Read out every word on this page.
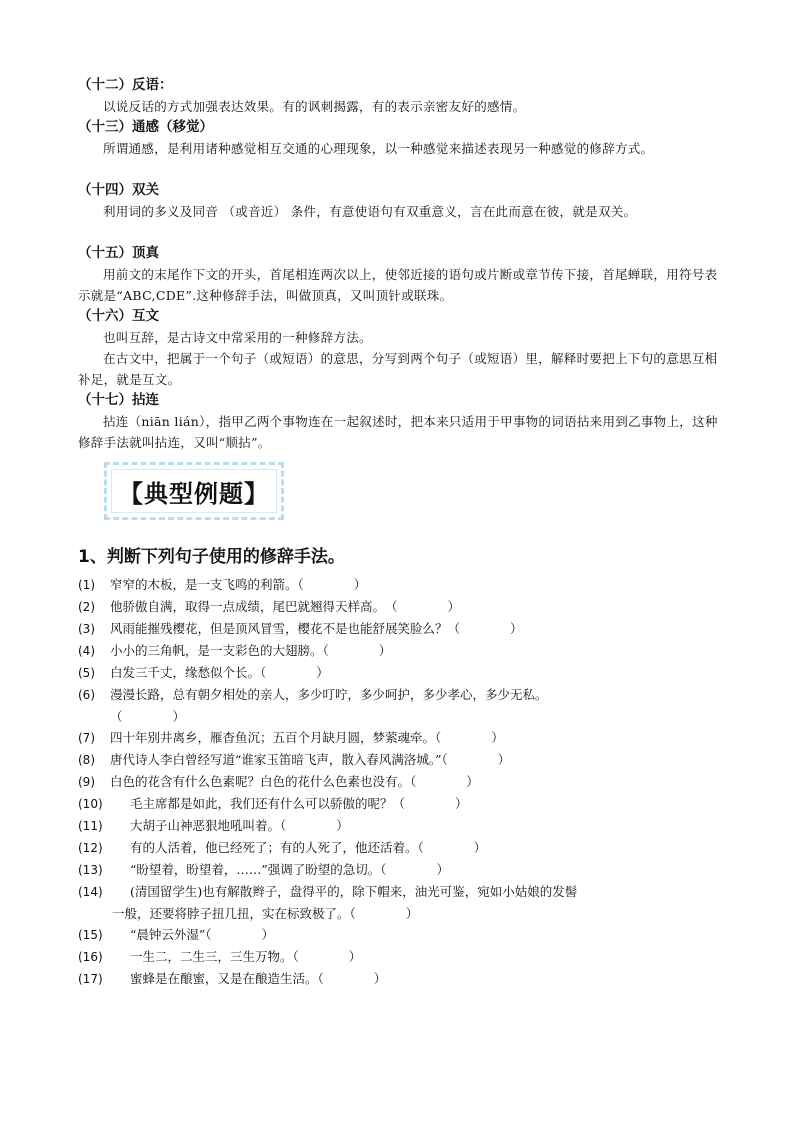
（十二）反语：
以说反话的方式加强表达效果。有的讽刺揭露，有的表示亲密友好的感情。
（十三）通感（移觉）
所谓通感，是利用诸种感觉相互交通的心理现象，以一种感觉来描述表现另一种感觉的修辞方式。
（十四）双关
利用词的多义及同音 （或音近） 条件，有意使语句有双重意义，言在此而意在彼，就是双关。
（十五）顶真
用前文的末尾作下文的开头，首尾相连两次以上，使邻近接的语句或片断或章节传下接，首尾蝉联，用符号表示就是“ABC,CDE”.这种修辞手法，叫做顶真，又叫顶针或联珠。
（十六）互文
也叫互辞，是古诗文中常采用的一种修辞方法。
在古文中，把属于一个句子（或短语）的意思，分写到两个句子（或短语）里，解释时要把上下句的意思互相补足，就是互文。
（十七）拈连
拈连（niān lián），指甲乙两个事物连在一起叙述时，把本来只适用于甲事物的词语拈来用到乙事物上，这种修辞手法就叫拈连，又叫“顺拈”。
【典型例题】
1、判断下列句子使用的修辞手法。
(1) 窄窄的木板，是一支飞鸣的利箭。（　　　　）
(2) 他骄傲自满，取得一点成绩，尾巴就翘得天样高。　（　　　　）
(3) 风雨能摧残樱花，但是顶风冒雪，樱花不是也能舒展笑脸么？（　　　　）
(4) 小小的三角帆，是一支彩色的大翅膀。（　　　　）
(5) 白发三千丈，缘愁似个长。（　　　　）
(6) 漫漫长路，总有朝夕相处的亲人，多少叮咛，多少呵护，多少孝心，多少无私。
（　　　　）
(7) 四十年别井离乡，雁杳鱼沉；五百个月缺月圆，梦萦魂牵。（　　　　）
(8) 唐代诗人李白曾经写道“谁家玉笛暗飞声，散入春风满洛城。”（　　　　）
(9) 白色的花含有什么色素呢？白色的花什么色素也没有。（　　　　）
(10) 毛主席都是如此，我们还有什么可以骄傲的呢？（　　　　）
(11) 大胡子山神恶狠地吼叫着。（　　　　）
(12) 有的人活着，他已经死了；有的人死了，他还活着。（　　　　）
(13) “盼望着，盼望着，……”强调了盼望的急切。（　　　　）
(14) (清国留学生)也有解散辫子，盘得平的，除下帽来，油光可鉴，宛如小姑娘的发髻
一般，还要将脖子扭几扭，实在标致极了。（　　　　）
(15) “晨钟云外湿”（　　　　）
(16) 一生二，二生三，三生万物。（　　　　）
(17) 蜜蜂是在酿蜜，又是在酿造生活。（　　　　）
